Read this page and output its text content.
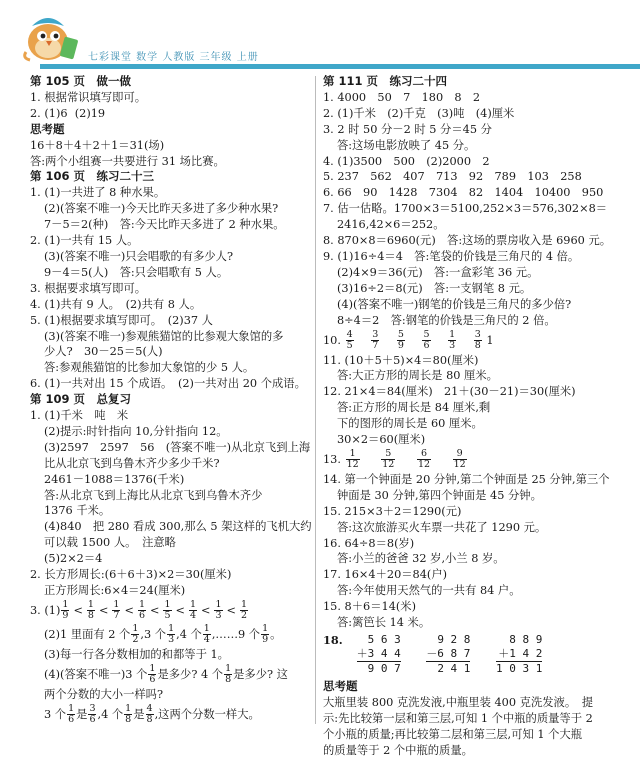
七彩课堂 数学 人教版 三年级 上册
第 105 页　做一做
1. 根据常识填写即可。
2. (1)6  (2)19
思考题
16＋8＋4＋2＋1＝31(场)
答:两个小组赛一共要进行 31 场比赛。
第 106 页　练习二十三
1. (1)一共进了 8 种水果。
(2)(答案不唯一)今天比昨天多进了多少种水果?
7－5＝2(种)　答:今天比昨天多进了 2 种水果。
2. (1)一共有 15 人。
(3)(答案不唯一)只会唱歌的有多少人?
9－4＝5(人)　答:只会唱歌有 5 人。
3. 根据要求填写即可。
4. (1)共有 9 人。　(2)共有 8 人。
5. (1)根据要求填写即可。　(2)37 人
(3)(答案不唯一)参观熊猫馆的比参观大象馆的多
少人?　30－25＝5(人)
答:参观熊猫馆的比参加大象馆的少 5 人。
6. (1)一共对出 15 个成语。　(2)一共对出 20 个成语。
第 109 页　总复习
1. (1)千米　吨　米
(2)提示:时针指向 10,分针指向 12。
(3)2597　2597　56　(答案不唯一)从北京飞到上海
比从北京飞到乌鲁木齐少多少千米?
2461－1088＝1376(千米)
答:从北京飞到上海比从北京飞到乌鲁木齐少
1376 千米。
(4)840　把 280 看成 300,那么 5 架这样的飞机大约
可以载 1500 人。　注意略
(5)2×2＝4
2. 长方形周长:(6＋6＋3)×2＝30(厘米)
正方形周长:6×4＝24(厘米)
3. $(1) \frac{1}{9} < \frac{1}{8} < \frac{1}{7} < \frac{1}{6} < \frac{1}{5} < \frac{1}{4} < \frac{1}{3} < \frac{1}{2}$
(2)1 里面有 2 个 $\frac{1}{2} ,3$ 个 $\frac{1}{3} ,4$ 个 $\frac{1}{4}$ ,……9 个 $\frac{1}{9}$ 。
(3)每一行各分数相加的和都等于 1。
(4)(答案不唯一)3 个 $\frac{1}{6}$ 是多少? 4 个 $\frac{1}{8}$ 是多少? 这
两个分数的大小一样吗?
3 个 $\frac{1}{6}$ 是 $\frac{3}{6} ,4$ 个 $\frac{1}{8}$ 是 $\frac{4}{8}$ ,这两个分数一样大。
第 111 页　练习二十四
1. 4000　50　7　180　8　2
2. (1)千米　(2)千克　(3)吨　(4)厘米
3. 2 时 50 分－2 时 5 分＝45 分
答:这场电影放映了 45 分。
4. (1)3500　500　(2)2000　2
5. 237　562　407　713　92　789　103　258
6. 66　90　1428　7304　82　1404　10400　950
7. 估一估略。1700×3＝5100,252×3＝576,302×8＝
2416,42×6＝252。
8. 870×8＝6960(元)　答:这场的票房收入是 6960 元。
9. (1)16÷4＝4　答:笔袋的价钱是三角尺的 4 倍。
(2)4×9＝36(元)　答:一盒彩笔 36 元。
(3)16÷2＝8(元)　答:一支钢笔 8 元。
(4)(答案不唯一)钢笔的价钱是三角尺的多少倍?
8÷4＝2　答:钢笔的价钱是三角尺的 2 倍。
10. $\frac{4}{5}$
$\frac{3}{7}$
$\frac{5}{9}$
$\frac{5}{6}$
$\frac{1}{3}$
$\frac{3}{8} 1$
11. (10＋5＋5)×4＝80(厘米)
答:大正方形的周长是 80 厘米。
12. 21×4＝84(厘米)　21＋(30－21)＝30(厘米)
答:正方形的周长是 84 厘米,剩
下的图形的周长是 60 厘米。
30×2＝60(厘米)
13. $\frac{1}{12}$
$\frac{5}{12}$
$\frac{6}{12}$
$\frac{9}{12}$
14. 第一个钟面是 20 分钟,第二个钟面是 25 分钟,第三个
钟面是 30 分钟,第四个钟面是 45 分钟。
15. 215×3＋2＝1290(元)
答:这次旅游买火车票一共花了 1290 元。
16. 64÷8＝8(岁)
答:小兰的爸爸 32 岁,小兰 8 岁。
17. 16×4＋20＝84(户)
答:今年使用天然气的一共有 84 户。
15. 8＋6＝14(米)
答:篱笆长 14 米。
18.	5 6 3
＋3 4 4
9 0 7

9 2 8
－6 8 7
2 4 1

8 8 9
＋1 4 2
1 0 3 1
思考题
大瓶里装 800 克洗发液,中瓶里装 400 克洗发液。　提
示:先比较第一层和第三层,可知 1 个中瓶的质量等于 2
个小瓶的质量;再比较第二层和第三层,可知 1 个大瓶
的质量等于 2 个中瓶的质量。
